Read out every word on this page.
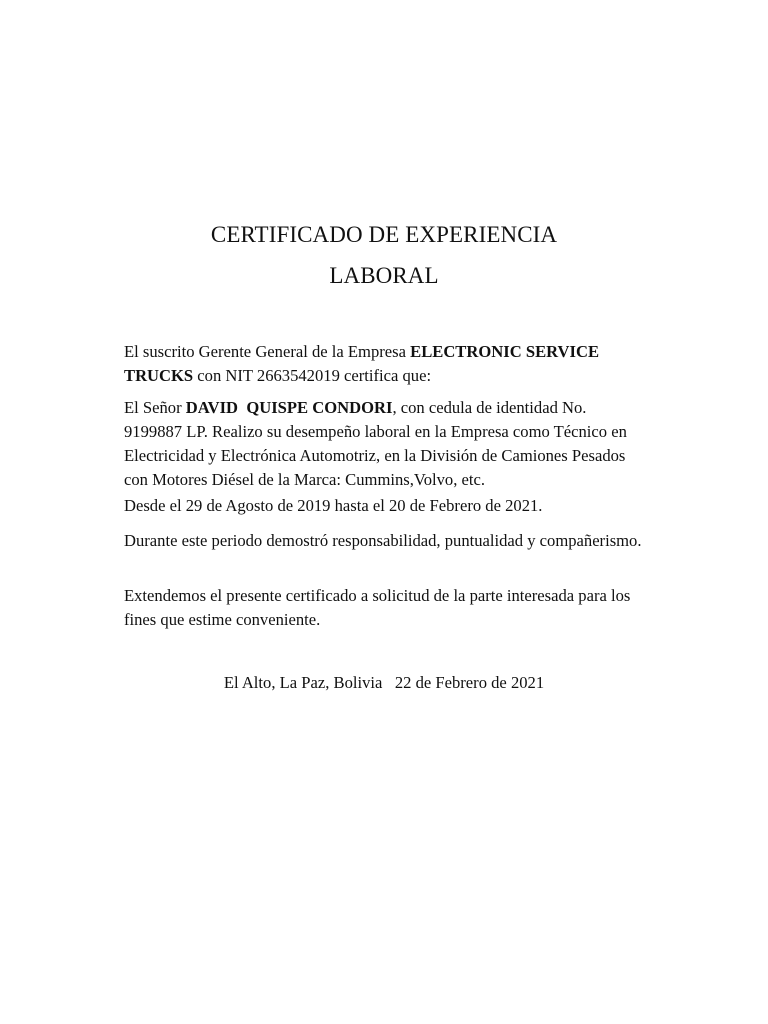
CERTIFICADO DE EXPERIENCIA
LABORAL

El suscrito Gerente General de la Empresa ELECTRONIC SERVICE TRUCKS con NIT 2663542019 certifica que:

El Señor DAVID  QUISPE CONDORI, con cedula de identidad No. 9199887 LP. Realizo su desempeño laboral en la Empresa como Técnico en Electricidad y Electrónica Automotriz, en la División de Camiones Pesados con Motores Diésel de la Marca: Cummins,Volvo, etc.

Desde el 29 de Agosto de 2019 hasta el 20 de Febrero de 2021.

Durante este periodo demostró responsabilidad, puntualidad y compañerismo.

Extendemos el presente certificado a solicitud de la parte interesada para los fines que estime conveniente.

El Alto, La Paz, Bolivia   22 de Febrero de 2021
